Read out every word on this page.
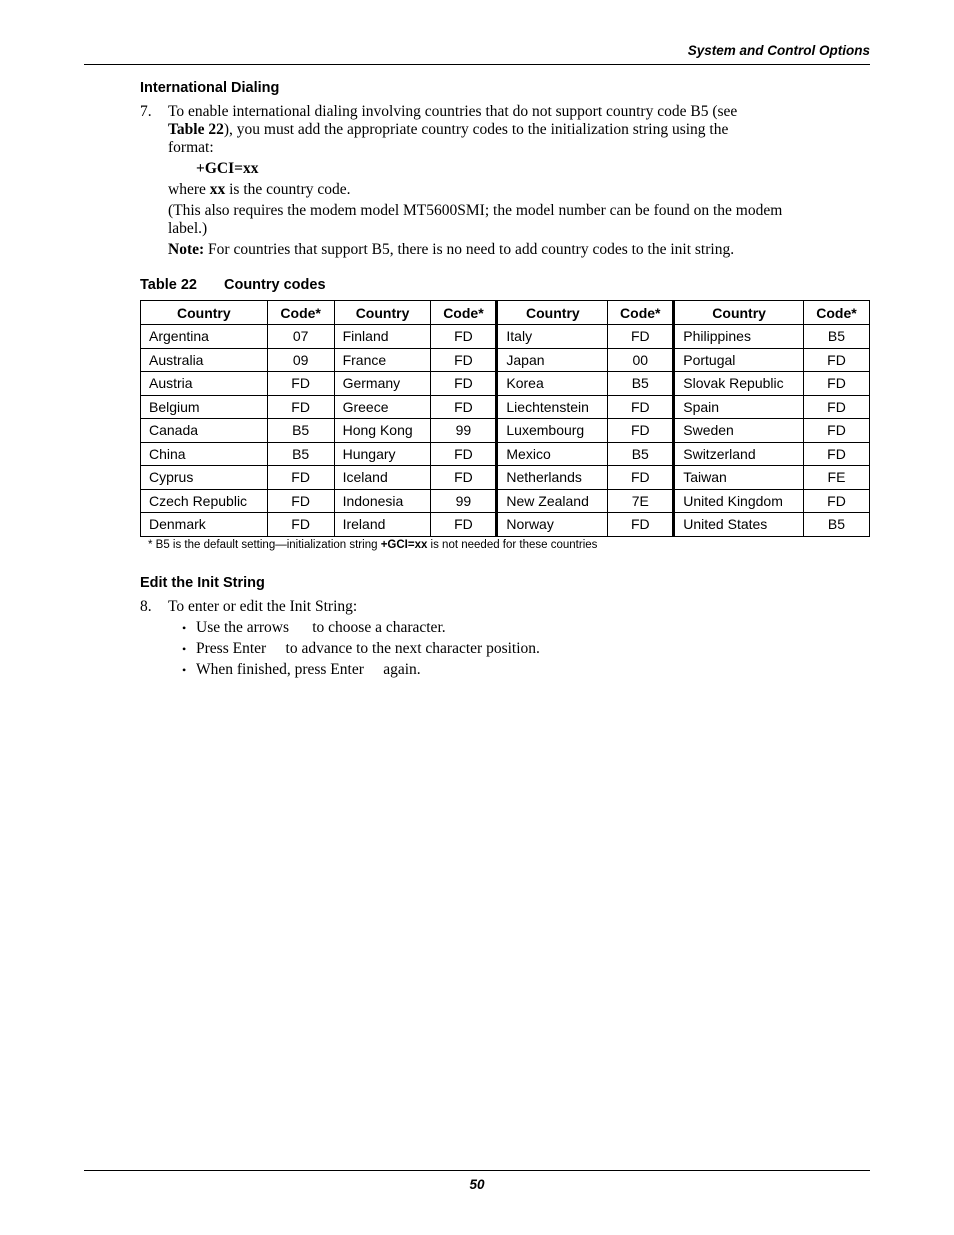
System and Control Options
International Dialing
7. To enable international dialing involving countries that do not support country code B5 (see
Table 22), you must add the appropriate country codes to the initialization string using the
format:
+GCI=xx
where xx is the country code.
(This also requires the modem model MT5600SMI; the model number can be found on the modem
label.)
Note: For countries that support B5, there is no need to add country codes to the init string.
Table 22 Country codes
Country	Code*	Country	Code*	Country	Code*	Country	Code*
Argentina	07	Finland	FD	Italy	FD	Philippines	B5
Australia	09	France	FD	Japan	00	Portugal	FD
Austria	FD	Germany	FD	Korea	B5	Slovak Republic	FD
Belgium	FD	Greece	FD	Liechtenstein	FD	Spain	FD
Canada	B5	Hong Kong	99	Luxembourg	FD	Sweden	FD
China	B5	Hungary	FD	Mexico	B5	Switzerland	FD
Cyprus	FD	Iceland	FD	Netherlands	FD	Taiwan	FE
Czech Republic	FD	Indonesia	99	New Zealand	7E	United Kingdom	FD
Denmark	FD	Ireland	FD	Norway	FD	United States	B5
* B5 is the default setting—initialization string +GCI=xx is not needed for these countries
Edit the Init String
8. To enter or edit the Init String:
• Use the arrows      to choose a character.
• Press Enter     to advance to the next character position.
• When finished, press Enter     again.
50
